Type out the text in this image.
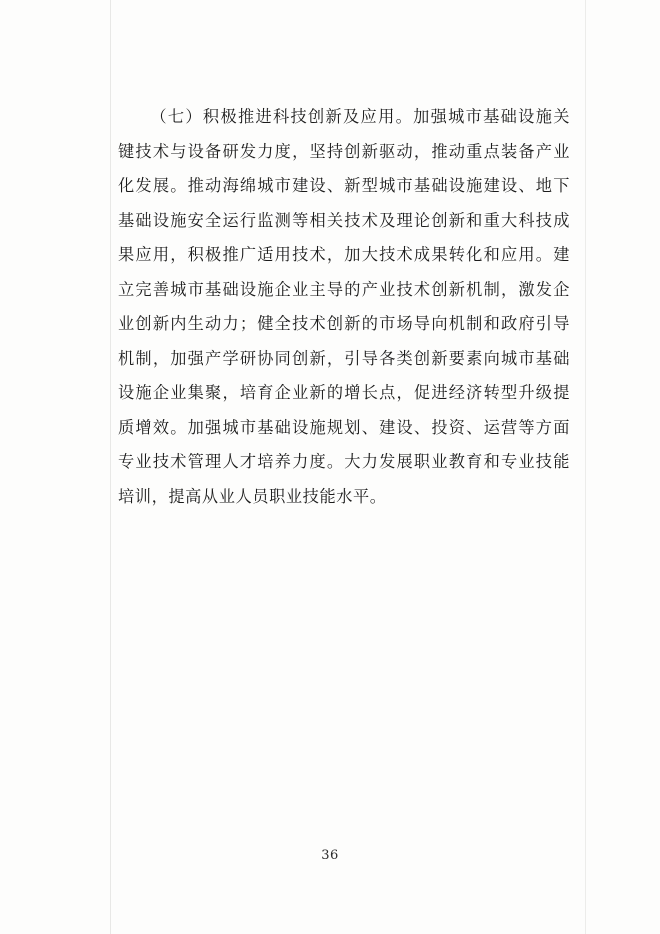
（七）积极推进科技创新及应用。加强城市基础设施关键技术与设备研发力度，坚持创新驱动，推动重点装备产业化发展。推动海绵城市建设、新型城市基础设施建设、地下基础设施安全运行监测等相关技术及理论创新和重大科技成果应用，积极推广适用技术，加大技术成果转化和应用。建立完善城市基础设施企业主导的产业技术创新机制，激发企业创新内生动力；健全技术创新的市场导向机制和政府引导机制，加强产学研协同创新，引导各类创新要素向城市基础设施企业集聚，培育企业新的增长点，促进经济转型升级提质增效。加强城市基础设施规划、建设、投资、运营等方面专业技术管理人才培养力度。大力发展职业教育和专业技能培训，提高从业人员职业技能水平。

36
